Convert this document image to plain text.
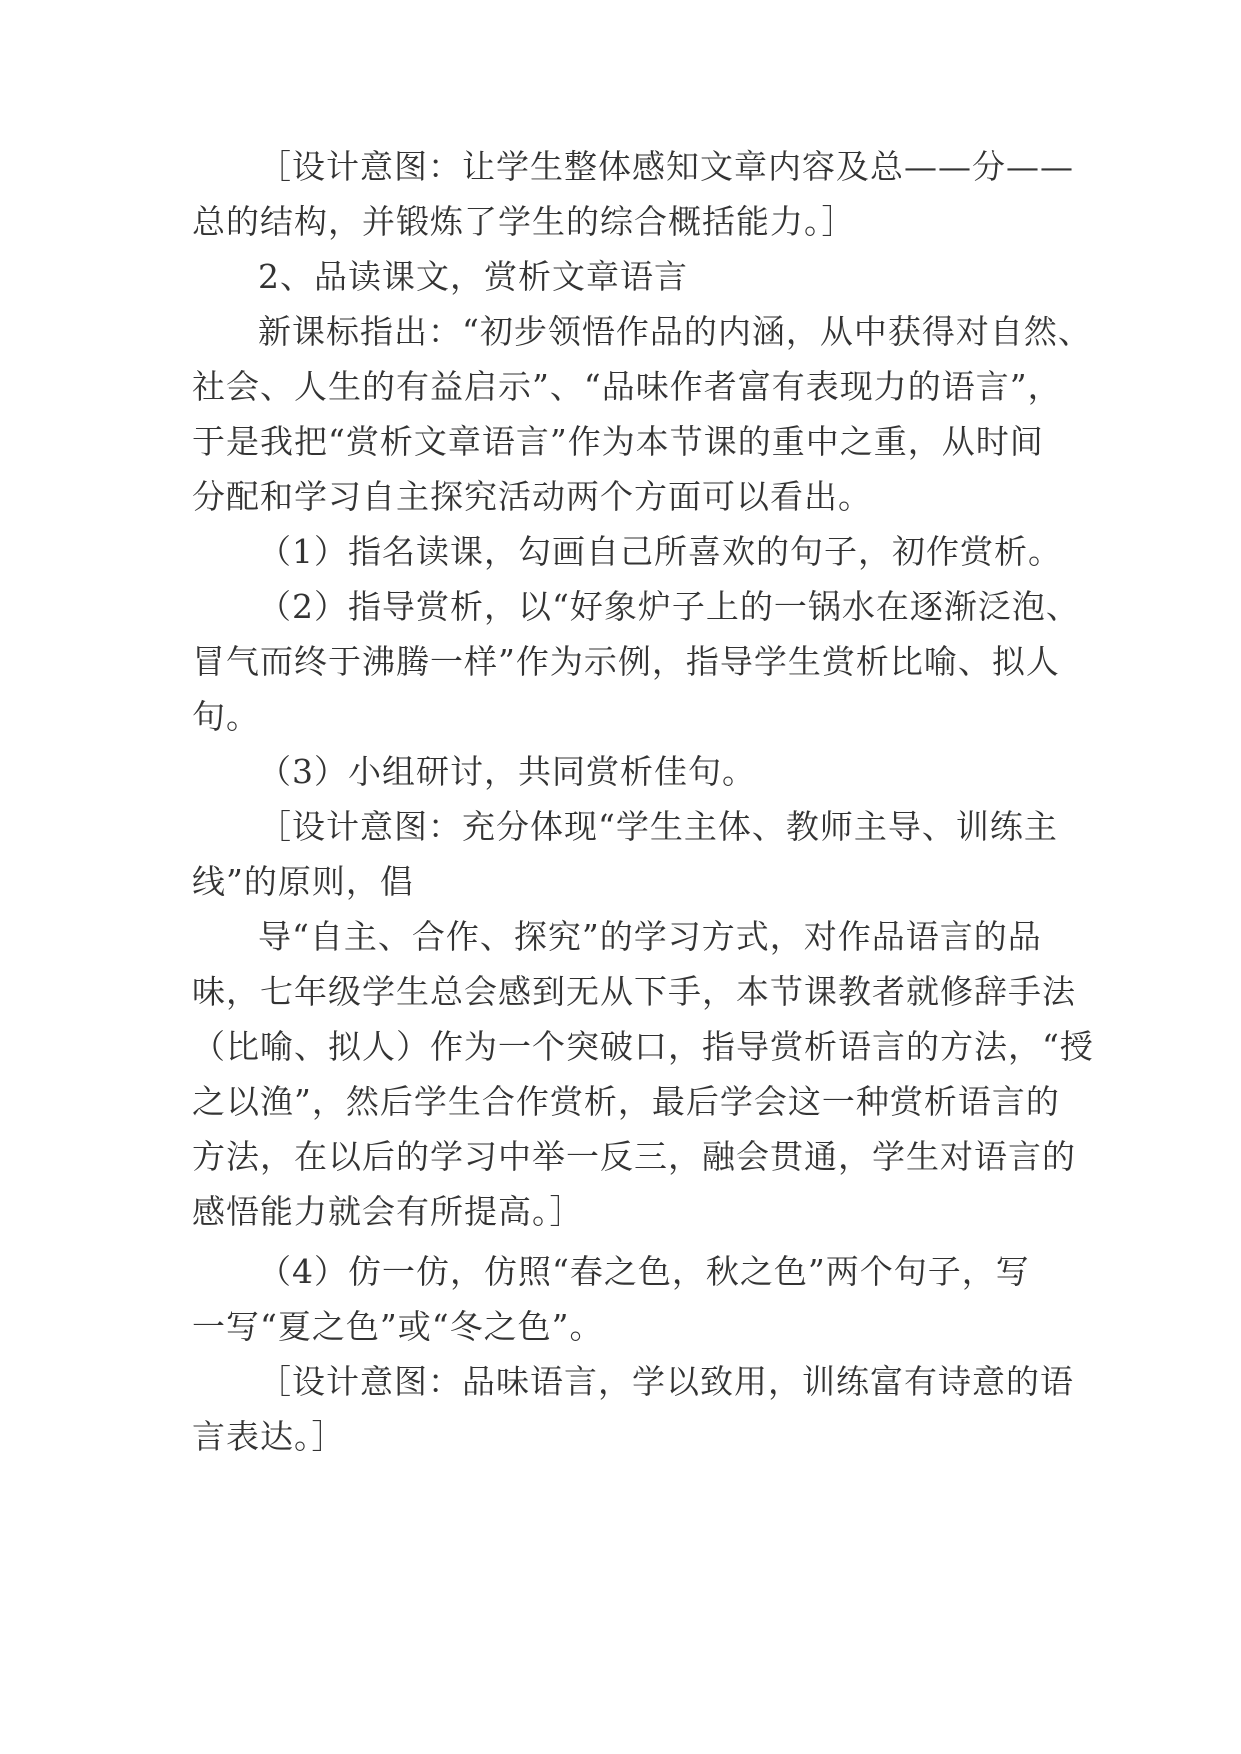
［设计意图：让学生整体感知文章内容及总——分——
总的结构，并锻炼了学生的综合概括能力。］
2、品读课文，赏析文章语言
新课标指出：“初步领悟作品的内涵，从中获得对自然、
社会、人生的有益启示”、“品味作者富有表现力的语言”，
于是我把“赏析文章语言”作为本节课的重中之重，从时间
分配和学习自主探究活动两个方面可以看出。
（1）指名读课，勾画自己所喜欢的句子，初作赏析。
（2）指导赏析，以“好象炉子上的一锅水在逐渐泛泡、
冒气而终于沸腾一样”作为示例，指导学生赏析比喻、拟人
句。
（3）小组研讨，共同赏析佳句。
［设计意图：充分体现“学生主体、教师主导、训练主
线”的原则，倡
导“自主、合作、探究”的学习方式，对作品语言的品
味，七年级学生总会感到无从下手，本节课教者就修辞手法
（比喻、拟人）作为一个突破口，指导赏析语言的方法，“授
之以渔”，然后学生合作赏析，最后学会这一种赏析语言的
方法，在以后的学习中举一反三，融会贯通，学生对语言的
感悟能力就会有所提高。］
（4）仿一仿，仿照“春之色，秋之色”两个句子，写
一写“夏之色”或“冬之色”。
［设计意图：品味语言，学以致用，训练富有诗意的语
言表达。］
